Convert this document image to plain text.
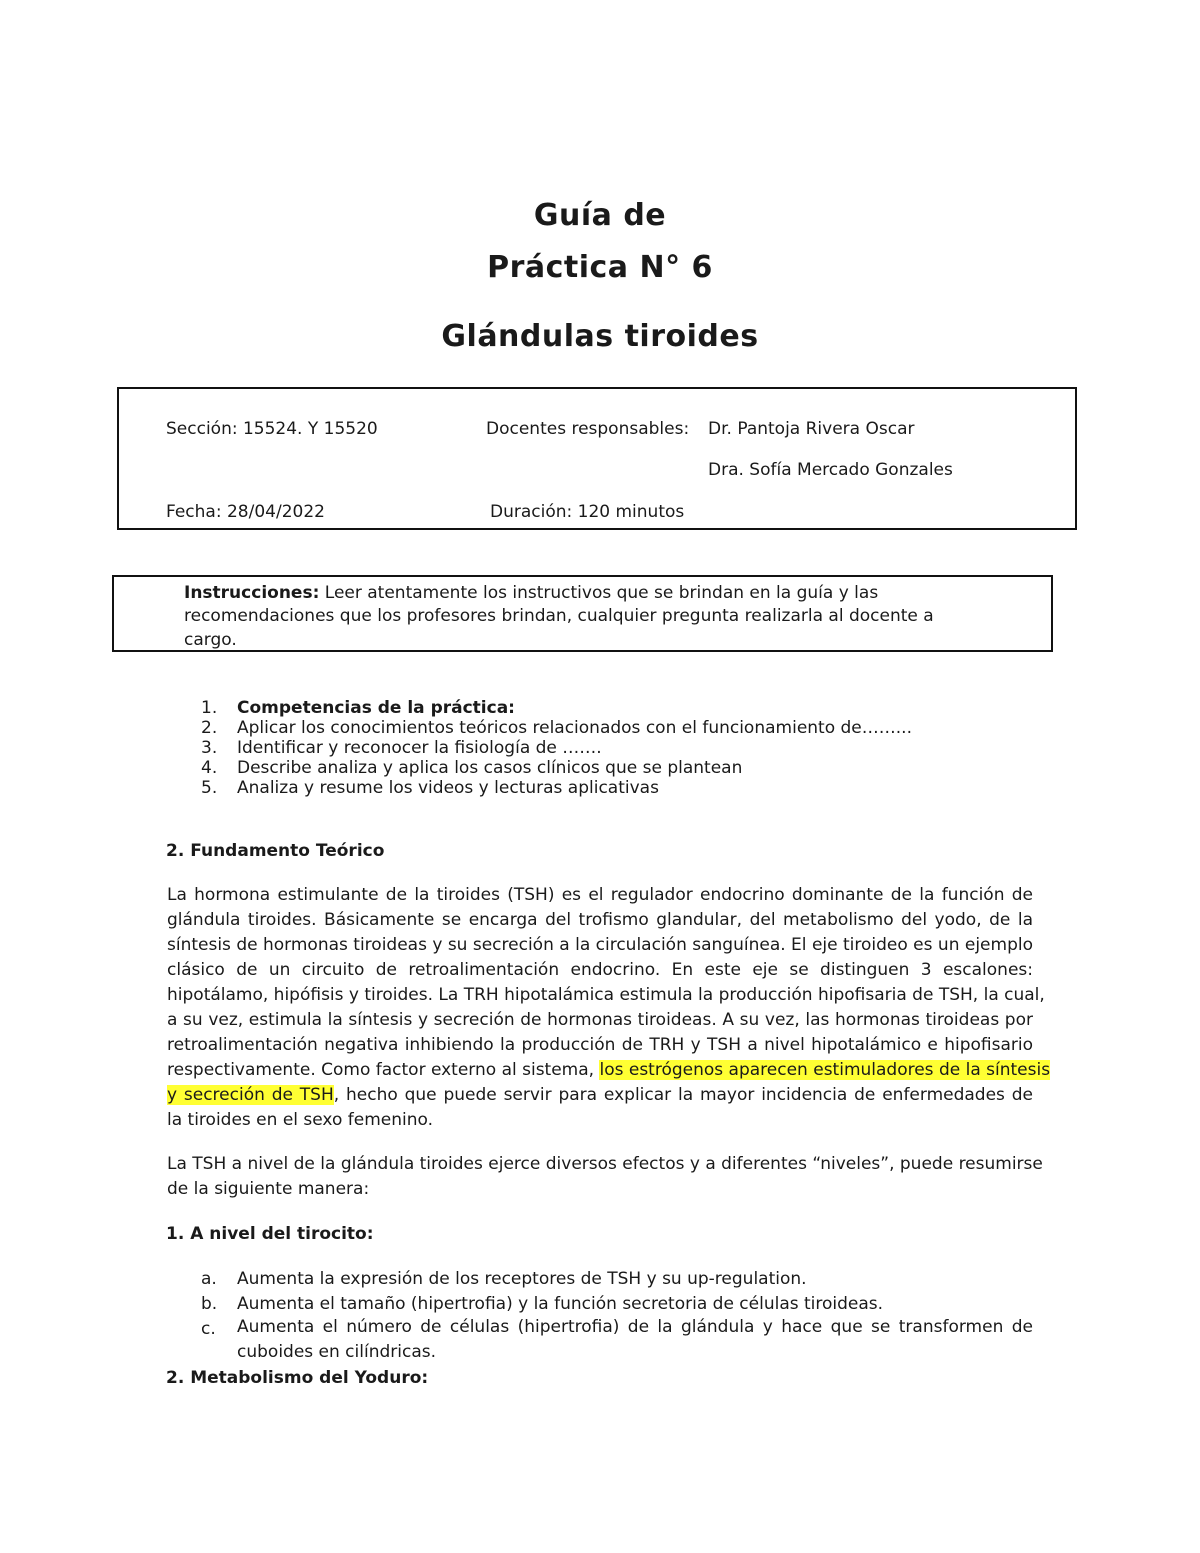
Guía de
Práctica N° 6
Glándulas tiroides
Sección: 15524. Y 15520	Docentes responsables: Dr. Pantoja Rivera Oscar
Dra. Sofía Mercado Gonzales
Fecha: 28/04/2022	Duración: 120 minutos
Instrucciones: Leer atentamente los instructivos que se brindan en la guía y las
recomendaciones que los profesores brindan, cualquier pregunta realizarla al docente a
cargo.
1. Competencias de la práctica:
2. Aplicar los conocimientos teóricos relacionados con el funcionamiento de……...
3. Identificar y reconocer la fisiología de …….
4. Describe analiza y aplica los casos clínicos que se plantean
5. Analiza y resume los videos y lecturas aplicativas
2. Fundamento Teórico
La hormona estimulante de la tiroides (TSH) es el regulador endocrino dominante de la función de
glándula tiroides. Básicamente se encarga del trofismo glandular, del metabolismo del yodo, de la
síntesis de hormonas tiroideas y su secreción a la circulación sanguínea. El eje tiroideo es un ejemplo
clásico de un circuito de retroalimentación endocrino. En este eje se distinguen 3 escalones:
hipotálamo, hipófisis y tiroides. La TRH hipotalámica estimula la producción hipofisaria de TSH, la cual,
a su vez, estimula la síntesis y secreción de hormonas tiroideas. A su vez, las hormonas tiroideas por
retroalimentación negativa inhibiendo la producción de TRH y TSH a nivel hipotalámico e hipofisario
respectivamente. Como factor externo al sistema, los estrógenos aparecen estimuladores de la síntesis
y secreción de TSH, hecho que puede servir para explicar la mayor incidencia de enfermedades de
la tiroides en el sexo femenino.
La TSH a nivel de la glándula tiroides ejerce diversos efectos y a diferentes “niveles”, puede resumirse
de la siguiente manera:
1. A nivel del tirocito:
a. Aumenta la expresión de los receptores de TSH y su up-regulation.
b. Aumenta el tamaño (hipertrofia) y la función secretoria de células tiroideas.
c. Aumenta el número de células (hipertrofia) de la glándula y hace que se transformen de
cuboides en cilíndricas.
2. Metabolismo del Yoduro:
